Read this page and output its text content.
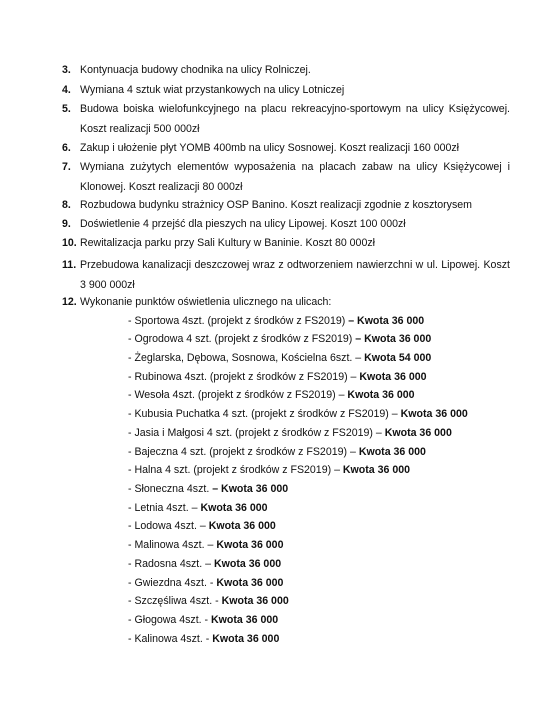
3. Kontynuacja budowy chodnika na ulicy Rolniczej.

4. Wymiana 4 sztuk wiat przystankowych na ulicy Lotniczej

5. Budowa boiska wielofunkcyjnego na placu rekreacyjno-sportowym na ulicy Księżycowej. Koszt realizacji 500 000zł

6. Zakup i ułożenie płyt YOMB 400mb na ulicy Sosnowej. Koszt realizacji 160 000zł

7. Wymiana zużytych elementów wyposażenia na placach zabaw na ulicy Księżycowej i Klonowej. Koszt realizacji 80 000zł

8. Rozbudowa budynku strażnicy OSP Banino. Koszt realizacji zgodnie z kosztorysem

9. Doświetlenie 4 przejść dla pieszych na ulicy Lipowej. Koszt 100 000zł

10. Rewitalizacja parku przy Sali Kultury w Baninie. Koszt 80 000zł

11. Przebudowa kanalizacji deszczowej wraz z odtworzeniem nawierzchni w ul. Lipowej. Koszt 3 900 000zł

12. Wykonanie punktów oświetlenia ulicznego na ulicach:

- Sportowa 4szt. (projekt z środków z FS2019) – Kwota 36 000
- Ogrodowa 4 szt. (projekt z środków z FS2019) – Kwota 36 000
- Żeglarska, Dębowa, Sosnowa, Kościelna 6szt. – Kwota 54 000
- Rubinowa 4szt. (projekt z środków z FS2019) – Kwota 36 000
- Wesoła 4szt. (projekt z środków z FS2019) – Kwota 36 000
- Kubusia Puchatka 4 szt. (projekt z środków z FS2019) – Kwota 36 000
- Jasia i Małgosi 4 szt. (projekt z środków z FS2019) – Kwota 36 000
- Bajeczna 4 szt. (projekt z środków z FS2019) – Kwota 36 000
- Halna 4 szt. (projekt z środków z FS2019) – Kwota 36 000
- Słoneczna 4szt. – Kwota 36 000
- Letnia 4szt. – Kwota 36 000
- Lodowa 4szt. – Kwota 36 000
- Malinowa 4szt. – Kwota 36 000
- Radosna 4szt. – Kwota 36 000
- Gwiezdna 4szt. - Kwota 36 000
- Szczęśliwa 4szt. - Kwota 36 000
- Głogowa 4szt. - Kwota 36 000
- Kalinowa 4szt. - Kwota 36 000
